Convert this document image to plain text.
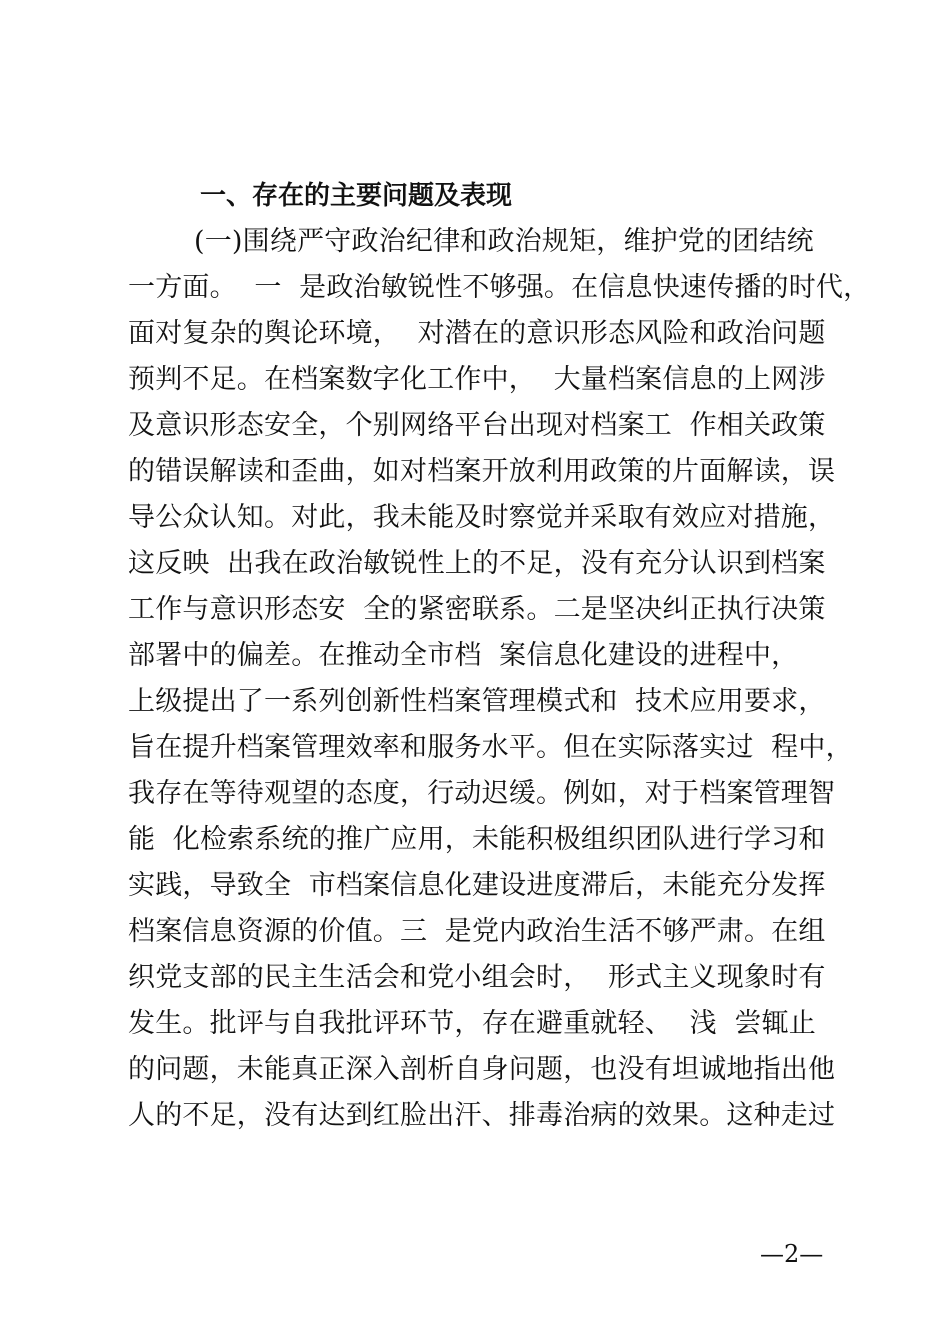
一、存在的主要问题及表现
(一)围绕严守政治纪律和政治规矩，维护党的团结统
一方面。  一  是政治敏锐性不够强。在信息快速传播的时代，
面对复杂的舆论环境，  对潜在的意识形态风险和政治问题
预判不足。在档案数字化工作中，  大量档案信息的上网涉
及意识形态安全，个别网络平台出现对档案工  作相关政策
的错误解读和歪曲，如对档案开放利用政策的片面解读，误
导公众认知。对此，我未能及时察觉并采取有效应对措施，
这反映  出我在政治敏锐性上的不足，没有充分认识到档案
工作与意识形态安  全的紧密联系。二是坚决纠正执行决策
部署中的偏差。在推动全市档  案信息化建设的进程中，
上级提出了一系列创新性档案管理模式和  技术应用要求，
旨在提升档案管理效率和服务水平。但在实际落实过  程中，
我存在等待观望的态度，行动迟缓。例如，对于档案管理智
能  化检索系统的推广应用，未能积极组织团队进行学习和
实践，导致全  市档案信息化建设进度滞后，未能充分发挥
档案信息资源的价值。三  是党内政治生活不够严肃。在组
织党支部的民主生活会和党小组会时，  形式主义现象时有
发生。批评与自我批评环节，存在避重就轻、  浅  尝辄止
的问题，未能真正深入剖析自身问题，也没有坦诚地指出他
人的不足，没有达到红脸出汗、排毒治病的效果。这种走过
—2—
